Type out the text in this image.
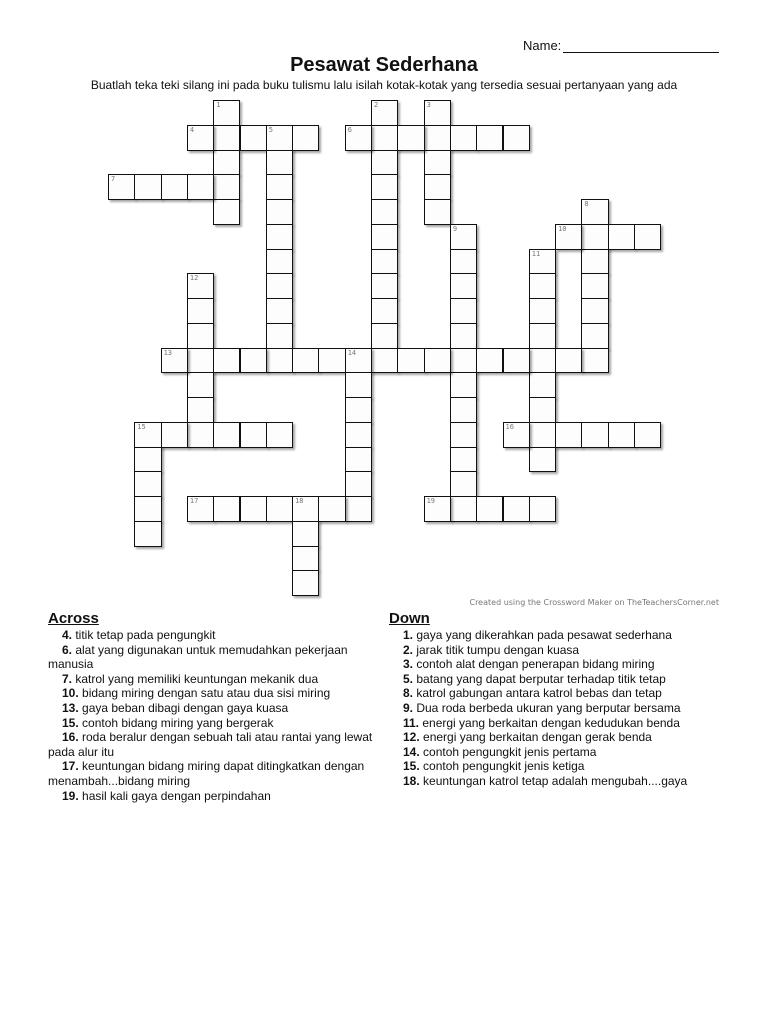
Name:
Pesawat Sederhana
Buatlah teka teki silang ini pada buku tulismu lalu isilah kotak-kotak yang tersedia sesuai pertanyaan yang ada
1	2	3
4	5	6
7
8
9	10
11
12
13	14
15	16
17	18	19
Created using the Crossword Maker on TheTeachersCorner.net
Across
4. titik tetap pada pengungkit
6. alat yang digunakan untuk memudahkan pekerjaan manusia
7. katrol yang memiliki keuntungan mekanik dua
10. bidang miring dengan satu atau dua sisi miring
13. gaya beban dibagi dengan gaya kuasa
15. contoh bidang miring yang bergerak
16. roda beralur dengan sebuah tali atau rantai yang lewat pada alur itu
17. keuntungan bidang miring dapat ditingkatkan dengan menambah...bidang miring
19. hasil kali gaya dengan perpindahan
Down
1. gaya yang dikerahkan pada pesawat sederhana
2. jarak titik tumpu dengan kuasa
3. contoh alat dengan penerapan bidang miring
5. batang yang dapat berputar terhadap titik tetap
8. katrol gabungan antara katrol bebas dan tetap
9. Dua roda berbeda ukuran yang berputar bersama
11. energi yang berkaitan dengan kedudukan benda
12. energi yang berkaitan dengan gerak benda
14. contoh pengungkit jenis pertama
15. contoh pengungkit jenis ketiga
18. keuntungan katrol tetap adalah mengubah....gaya
